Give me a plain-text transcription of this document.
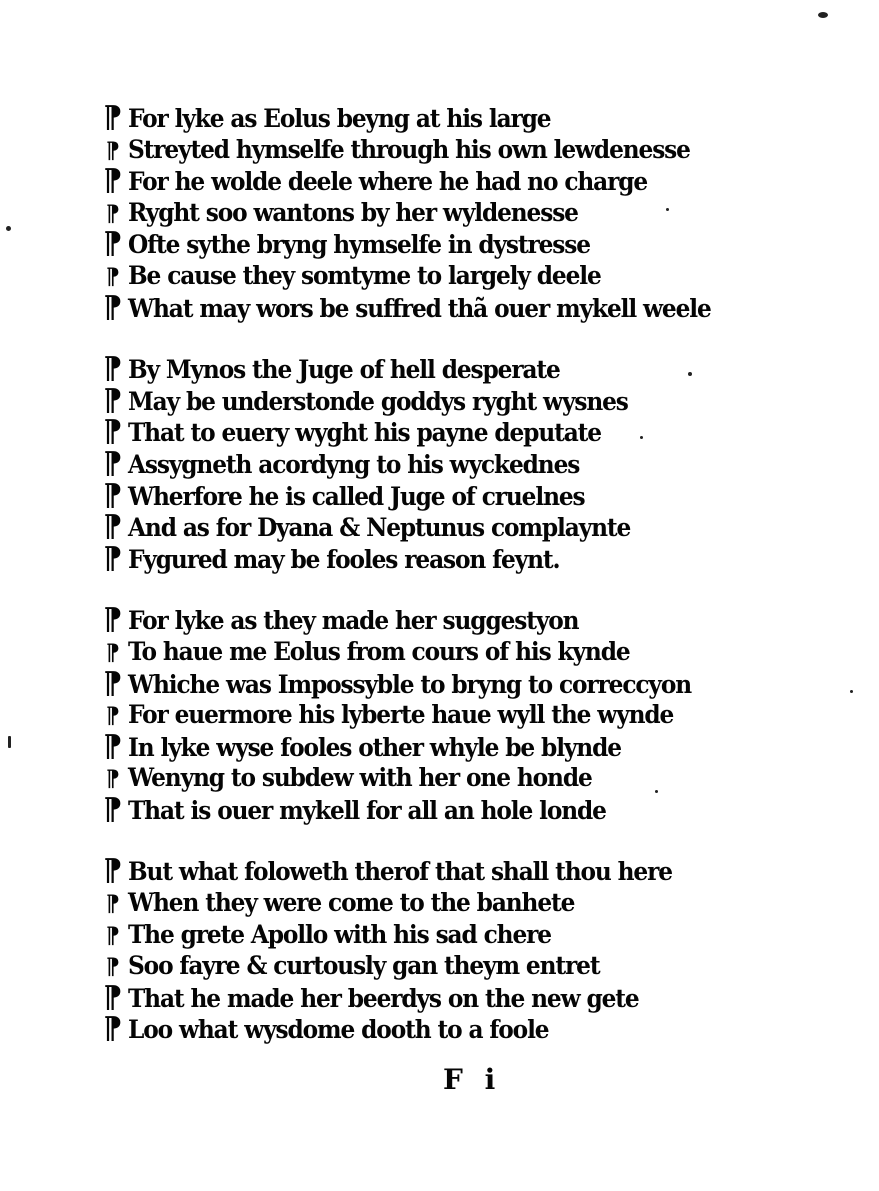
¶ For lyke as Eolus beyng at his large
¶ Streyted hymselfe through his own lewdenesse
¶ For he wolde deele where he had no charge
¶ Ryght soo wantons by her wyldenesse
¶ Ofte sythe bryng hymselfe in dystresse
¶ Be cause they somtyme to largely deele
¶ What may wors be suffred thã ouer mykell weele
¶ By Mynos the Juge of hell desperate
¶ May be understonde goddys ryght wysnes
¶ That to euery wyght his payne deputate
¶ Assygneth acordyng to his wyckednes
¶ Wherfore he is called Juge of cruelnes
¶ And as for Dyana & Neptunus complaynte
¶ Fygured may be fooles reason feynt.
¶ For lyke as they made her suggestyon
¶ To haue me Eolus from cours of his kynde
¶ Whiche was Impossyble to bryng to correccyon
¶ For euermore his lyberte haue wyll the wynde
¶ In lyke wyse fooles other whyle be blynde
¶ Wenyng to subdew with her one honde
¶ That is ouer mykell for all an hole londe
¶ But what foloweth therof that shall thou here
¶ When they were come to the banhete
¶ The grete Apollo with his sad chere
¶ Soo fayre & curtously gan theym entret
¶ That he made her beerdys on the new gete
¶ Loo what wysdome dooth to a foole
F i
